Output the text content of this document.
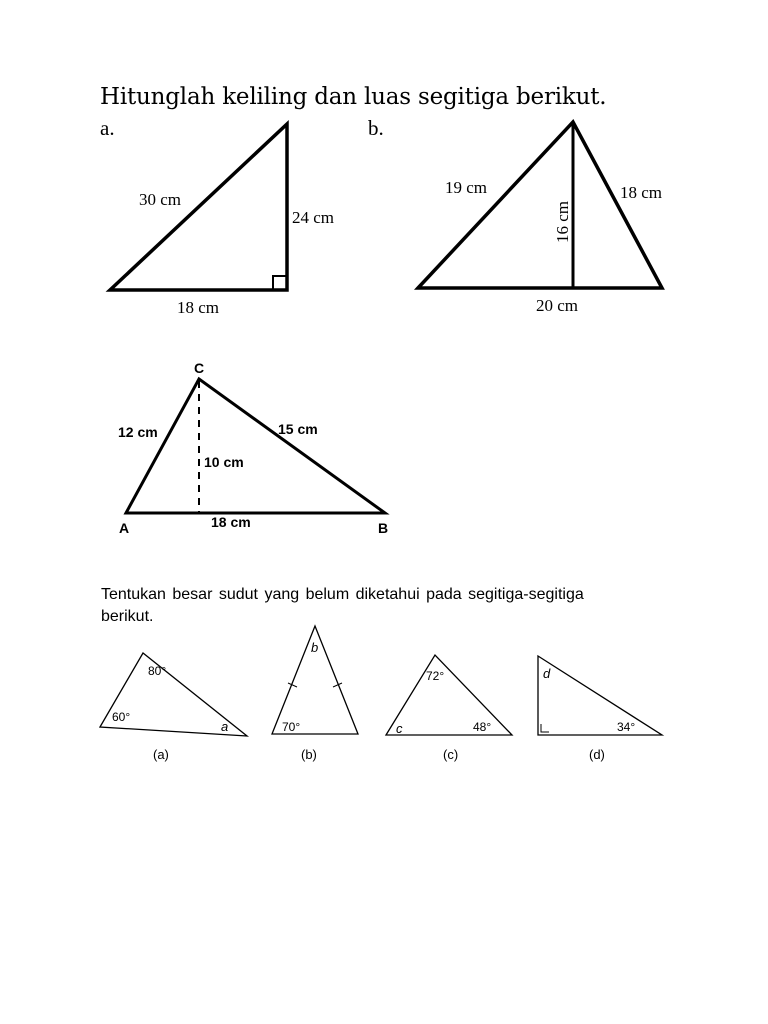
Hitunglah keliling dan luas segitiga berikut.
a.	b.
30 cm
24 cm
18 cm
19 cm	18 cm
16 cm
20 cm
C
A	B
12 cm	15 cm
10 cm
18 cm
80°
60°
a
(a)
b
70°
(b)
72°
c	48°
(c)
d
34°
(d)
Tentukan besar sudut yang belum diketahui pada segitiga-segitiga
berikut.
